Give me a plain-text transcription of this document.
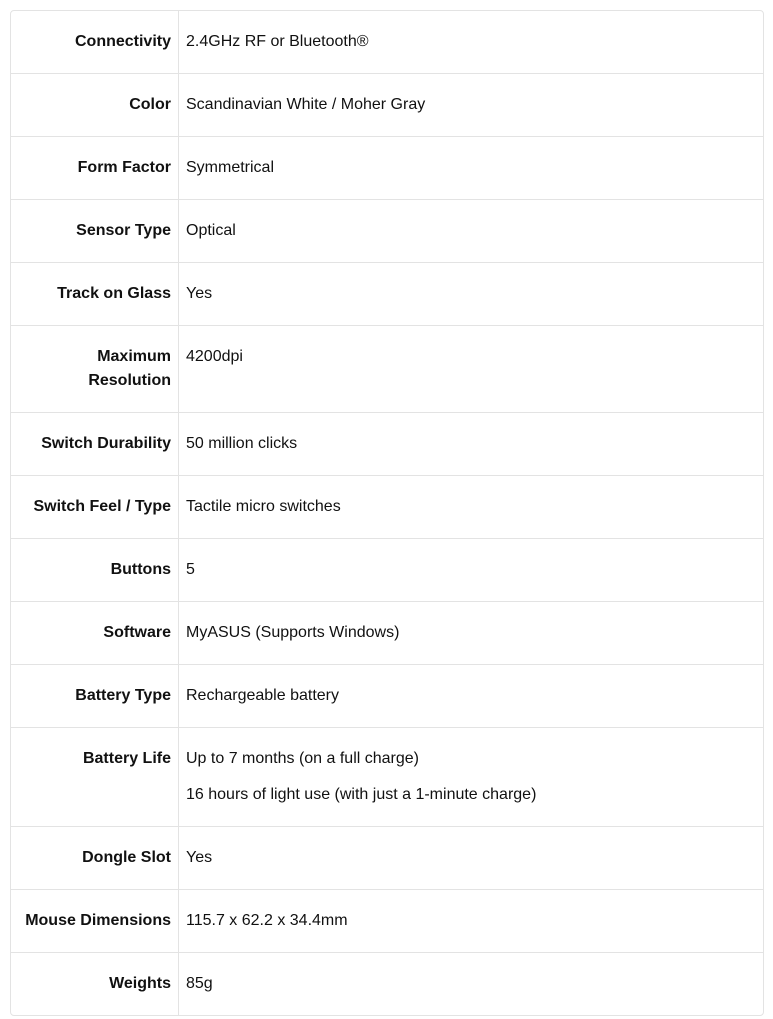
Connectivity 2.4GHz RF or Bluetooth®
Color Scandinavian White / Moher Gray
Form Factor Symmetrical
Sensor Type Optical
Track on Glass Yes
Maximum Resolution
4200dpi
Switch Durability 50 million clicks
Switch Feel / Type Tactile micro switches
Buttons 5
Software MyASUS (Supports Windows)
Battery Type Rechargeable battery
Battery Life Up to 7 months (on a full charge)
16 hours of light use (with just a 1-minute charge)
Dongle Slot Yes
Mouse Dimensions 115.7 x 62.2 x 34.4mm
Weights 85g
